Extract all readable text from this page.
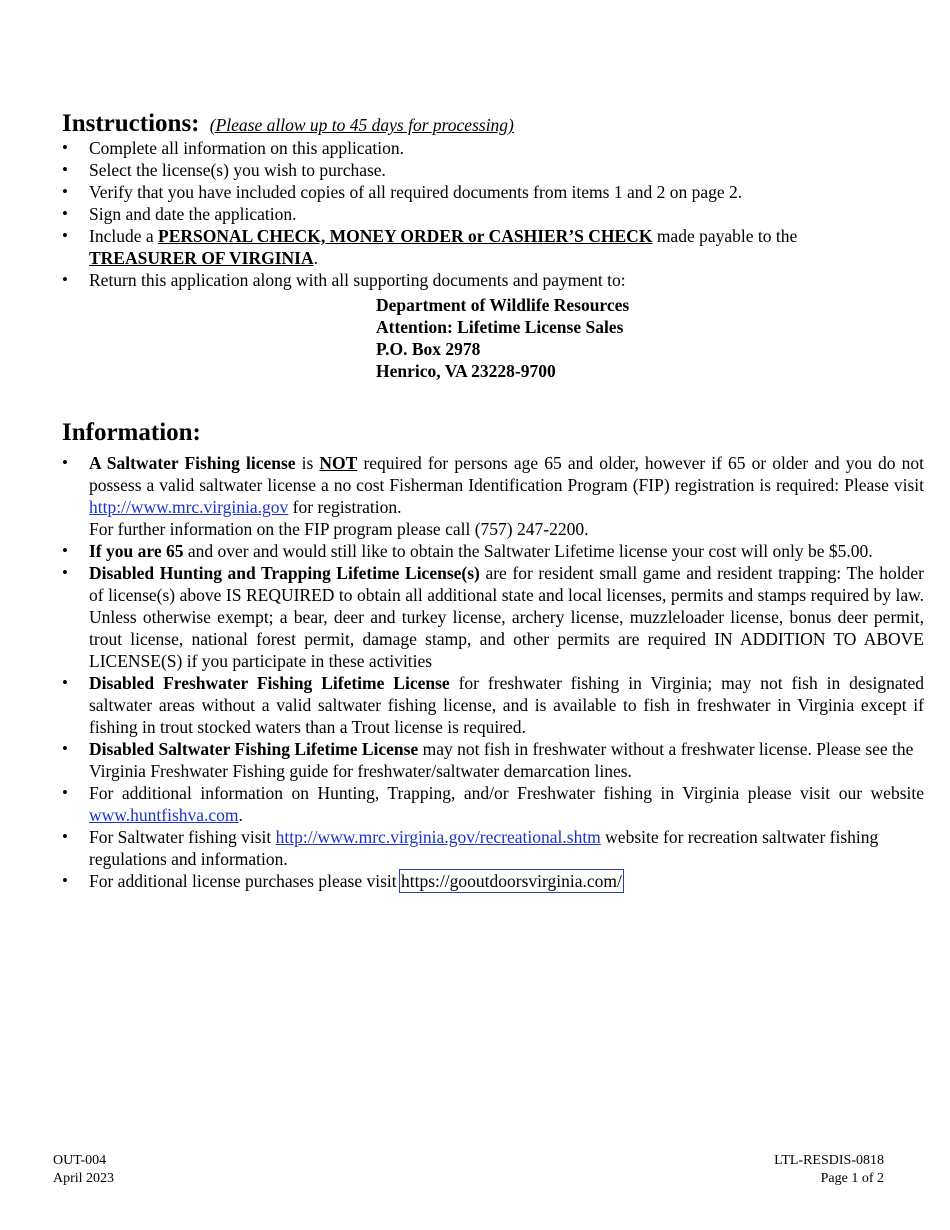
Instructions: (Please allow up to 45 days for processing)
• Complete all information on this application.
• Select the license(s) you wish to purchase.
• Verify that you have included copies of all required documents from items 1 and 2 on page 2.
• Sign and date the application.
• Include a PERSONAL CHECK, MONEY ORDER or CASHIER’S CHECK made payable to the
TREASURER OF VIRGINIA.
• Return this application along with all supporting documents and payment to:
Department of Wildlife Resources
Attention: Lifetime License Sales
P.O. Box 2978
Henrico, VA 23228-9700
Information:
• A Saltwater Fishing license is NOT required for persons age 65 and older, however if 65 or older and you do not possess a valid saltwater license a no cost Fisherman Identification Program (FIP) registration is required: Please visit http://www.mrc.virginia.gov for registration.
For further information on the FIP program please call (757) 247-2200.
• If you are 65 and over and would still like to obtain the Saltwater Lifetime license your cost will only be $5.00.
• Disabled Hunting and Trapping Lifetime License(s) are for resident small game and resident trapping: The holder of license(s) above IS REQUIRED to obtain all additional state and local licenses, permits and stamps required by law. Unless otherwise exempt; a bear, deer and turkey license, archery license, muzzleloader license, bonus deer permit, trout license, national forest permit, damage stamp, and other permits are required IN ADDITION TO ABOVE LICENSE(S) if you participate in these activities
• Disabled Freshwater Fishing Lifetime License for freshwater fishing in Virginia; may not fish in designated saltwater areas without a valid saltwater fishing license, and is available to fish in freshwater in Virginia except if fishing in trout stocked waters than a Trout license is required.
• Disabled Saltwater Fishing Lifetime License may not fish in freshwater without a freshwater license. Please see the Virginia Freshwater Fishing guide for freshwater/saltwater demarcation lines.
• For additional information on Hunting, Trapping, and/or Freshwater fishing in Virginia please visit our website www.huntfishva.com.
• For Saltwater fishing visit http://www.mrc.virginia.gov/recreational.shtm website for recreation saltwater fishing regulations and information.
• For additional license purchases please visit https://gooutdoorsvirginia.com/
OUT-004
April 2023
LTL-RESDIS-0818
Page 1 of 2
